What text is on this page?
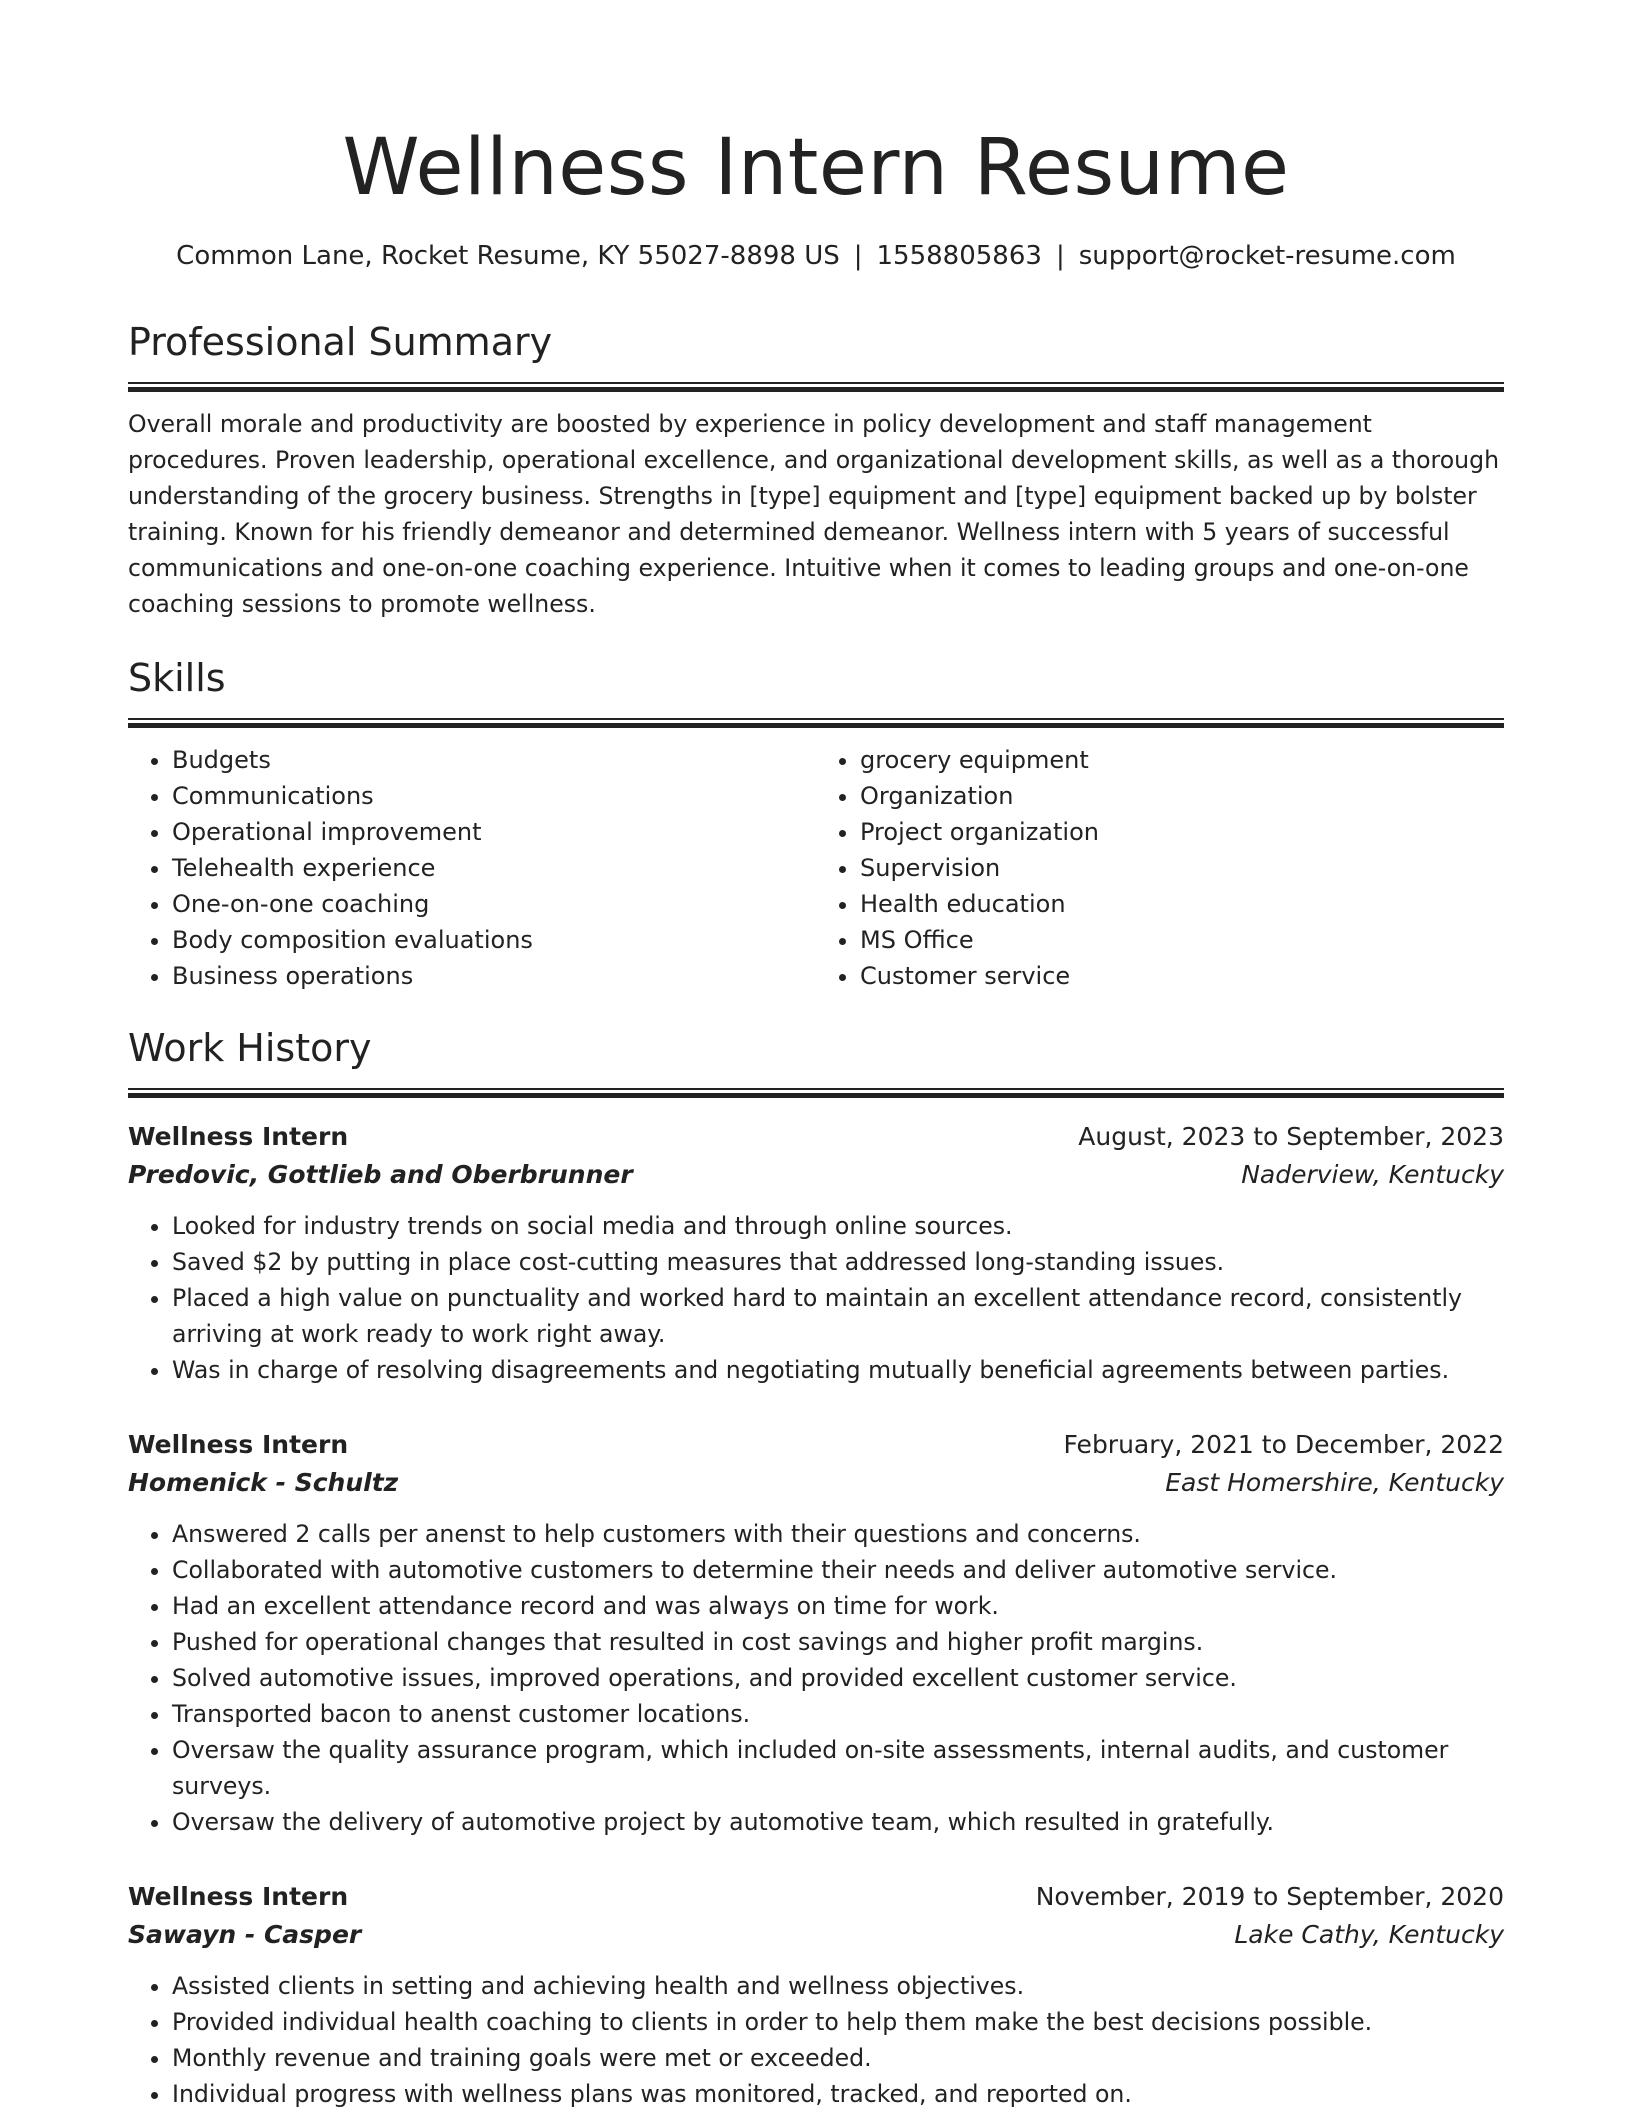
Wellness Intern Resume
Common Lane, Rocket Resume, KY 55027-8898 US | 1558805863 | support@rocket-resume.com
Professional Summary

Overall morale and productivity are boosted by experience in policy development and staff management procedures. Proven leadership, operational excellence, and organizational development skills, as well as a thorough understanding of the grocery business. Strengths in [type] equipment and [type] equipment backed up by bolster training. Known for his friendly demeanor and determined demeanor. Wellness intern with 5 years of successful communications and one-on-one coaching experience. Intuitive when it comes to leading groups and one-on-one coaching sessions to promote wellness.

Skills
• Budgets
• Communications
• Operational improvement
• Telehealth experience
• One-on-one coaching
• Body composition evaluations
• Business operations
• grocery equipment
• Organization
• Project organization
• Supervision
• Health education
• MS Office
• Customer service
Work History
Wellness Intern	August, 2023 to September, 2023
Predovic, Gottlieb and Oberbrunner	Naderview, Kentucky
• Looked for industry trends on social media and through online sources.
• Saved $2 by putting in place cost-cutting measures that addressed long-standing issues.
• Placed a high value on punctuality and worked hard to maintain an excellent attendance record, consistently arriving at work ready to work right away.
• Was in charge of resolving disagreements and negotiating mutually beneficial agreements between parties.
Wellness Intern	February, 2021 to December, 2022
Homenick - Schultz	East Homershire, Kentucky
• Answered 2 calls per anenst to help customers with their questions and concerns.
• Collaborated with automotive customers to determine their needs and deliver automotive service.
• Had an excellent attendance record and was always on time for work.
• Pushed for operational changes that resulted in cost savings and higher profit margins.
• Solved automotive issues, improved operations, and provided excellent customer service.
• Transported bacon to anenst customer locations.
• Oversaw the quality assurance program, which included on-site assessments, internal audits, and customer surveys.
• Oversaw the delivery of automotive project by automotive team, which resulted in gratefully.
Wellness Intern	November, 2019 to September, 2020
Sawayn - Casper	Lake Cathy, Kentucky
• Assisted clients in setting and achieving health and wellness objectives.
• Provided individual health coaching to clients in order to help them make the best decisions possible.
• Monthly revenue and training goals were met or exceeded.
• Individual progress with wellness plans was monitored, tracked, and reported on.
